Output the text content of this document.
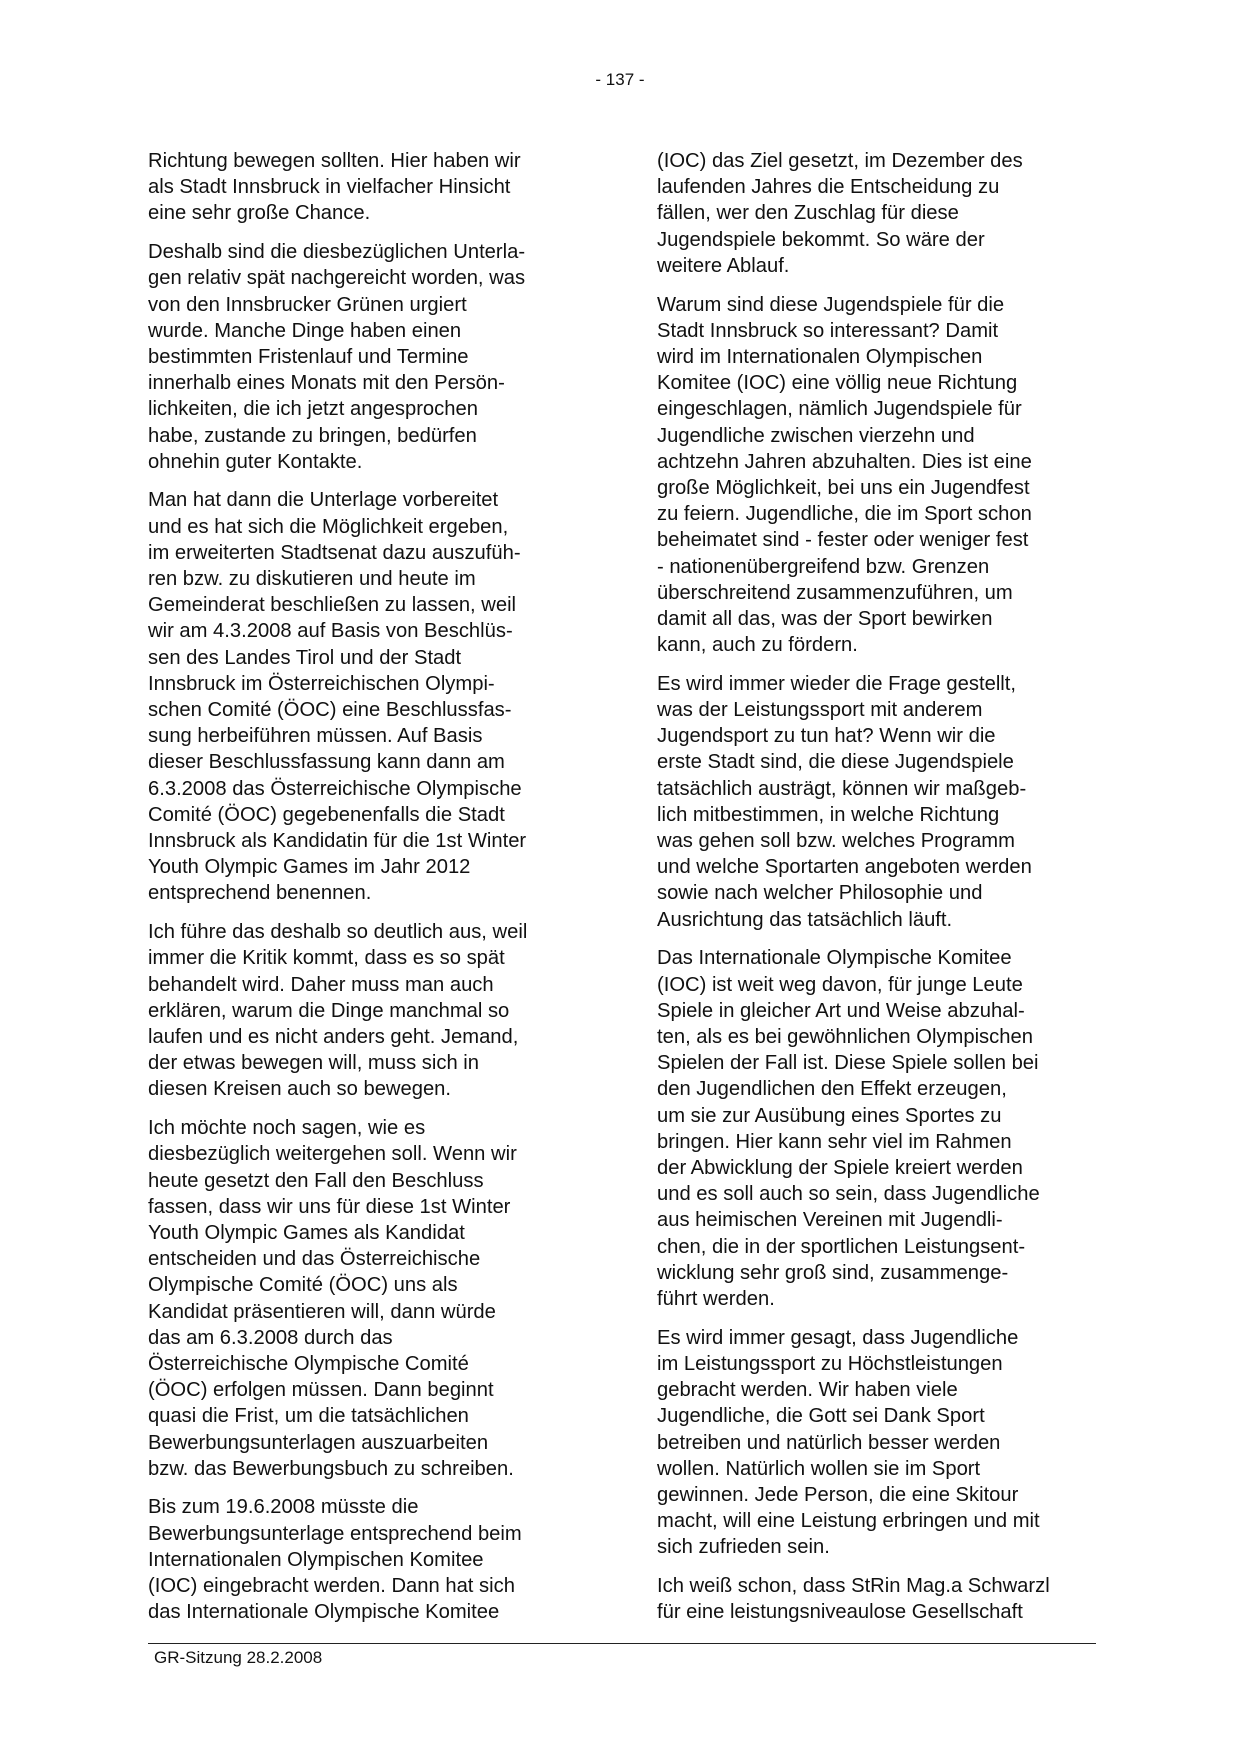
- 137 -

Richtung bewegen sollten. Hier haben wir
als Stadt Innsbruck in vielfacher Hinsicht
eine sehr große Chance.

Deshalb sind die diesbezüglichen Unterla-
gen relativ spät nachgereicht worden, was
von den Innsbrucker Grünen urgiert
wurde. Manche Dinge haben einen
bestimmten Fristenlauf und Termine
innerhalb eines Monats mit den Persön-
lichkeiten, die ich jetzt angesprochen
habe, zustande zu bringen, bedürfen
ohnehin guter Kontakte.

Man hat dann die Unterlage vorbereitet
und es hat sich die Möglichkeit ergeben,
im erweiterten Stadtsenat dazu auszufüh-
ren bzw. zu diskutieren und heute im
Gemeinderat beschließen zu lassen, weil
wir am 4.3.2008 auf Basis von Beschlüs-
sen des Landes Tirol und der Stadt
Innsbruck im Österreichischen Olympi-
schen Comité (ÖOC) eine Beschlussfas-
sung herbeiführen müssen. Auf Basis
dieser Beschlussfassung kann dann am
6.3.2008 das Österreichische Olympische
Comité (ÖOC) gegebenenfalls die Stadt
Innsbruck als Kandidatin für die 1st Winter
Youth Olympic Games im Jahr 2012
entsprechend benennen.

Ich führe das deshalb so deutlich aus, weil
immer die Kritik kommt, dass es so spät
behandelt wird. Daher muss man auch
erklären, warum die Dinge manchmal so
laufen und es nicht anders geht. Jemand,
der etwas bewegen will, muss sich in
diesen Kreisen auch so bewegen.

Ich möchte noch sagen, wie es
diesbezüglich weitergehen soll. Wenn wir
heute gesetzt den Fall den Beschluss
fassen, dass wir uns für diese 1st Winter
Youth Olympic Games als Kandidat
entscheiden und das Österreichische
Olympische Comité (ÖOC) uns als
Kandidat präsentieren will, dann würde
das am 6.3.2008 durch das
Österreichische Olympische Comité
(ÖOC) erfolgen müssen. Dann beginnt
quasi die Frist, um die tatsächlichen
Bewerbungsunterlagen auszuarbeiten
bzw. das Bewerbungsbuch zu schreiben.

Bis zum 19.6.2008 müsste die
Bewerbungsunterlage entsprechend beim
Internationalen Olympischen Komitee
(IOC) eingebracht werden. Dann hat sich
das Internationale Olympische Komitee

(IOC) das Ziel gesetzt, im Dezember des
laufenden Jahres die Entscheidung zu
fällen, wer den Zuschlag für diese
Jugendspiele bekommt. So wäre der
weitere Ablauf.

Warum sind diese Jugendspiele für die
Stadt Innsbruck so interessant? Damit
wird im Internationalen Olympischen
Komitee (IOC) eine völlig neue Richtung
eingeschlagen, nämlich Jugendspiele für
Jugendliche zwischen vierzehn und
achtzehn Jahren abzuhalten. Dies ist eine
große Möglichkeit, bei uns ein Jugendfest
zu feiern. Jugendliche, die im Sport schon
beheimatet sind - fester oder weniger fest
- nationenübergreifend bzw. Grenzen
überschreitend zusammenzuführen, um
damit all das, was der Sport bewirken
kann, auch zu fördern.

Es wird immer wieder die Frage gestellt,
was der Leistungssport mit anderem
Jugendsport zu tun hat? Wenn wir die
erste Stadt sind, die diese Jugendspiele
tatsächlich austrägt, können wir maßgeb-
lich mitbestimmen, in welche Richtung
was gehen soll bzw. welches Programm
und welche Sportarten angeboten werden
sowie nach welcher Philosophie und
Ausrichtung das tatsächlich läuft.

Das Internationale Olympische Komitee
(IOC) ist weit weg davon, für junge Leute
Spiele in gleicher Art und Weise abzuhal-
ten, als es bei gewöhnlichen Olympischen
Spielen der Fall ist. Diese Spiele sollen bei
den Jugendlichen den Effekt erzeugen,
um sie zur Ausübung eines Sportes zu
bringen. Hier kann sehr viel im Rahmen
der Abwicklung der Spiele kreiert werden
und es soll auch so sein, dass Jugendliche
aus heimischen Vereinen mit Jugendli-
chen, die in der sportlichen Leistungsent-
wicklung sehr groß sind, zusammenge-
führt werden.

Es wird immer gesagt, dass Jugendliche
im Leistungssport zu Höchstleistungen
gebracht werden. Wir haben viele
Jugendliche, die Gott sei Dank Sport
betreiben und natürlich besser werden
wollen. Natürlich wollen sie im Sport
gewinnen. Jede Person, die eine Skitour
macht, will eine Leistung erbringen und mit
sich zufrieden sein.

Ich weiß schon, dass StRin Mag.a Schwarzl
für eine leistungsniveaulose Gesellschaft

GR-Sitzung 28.2.2008
